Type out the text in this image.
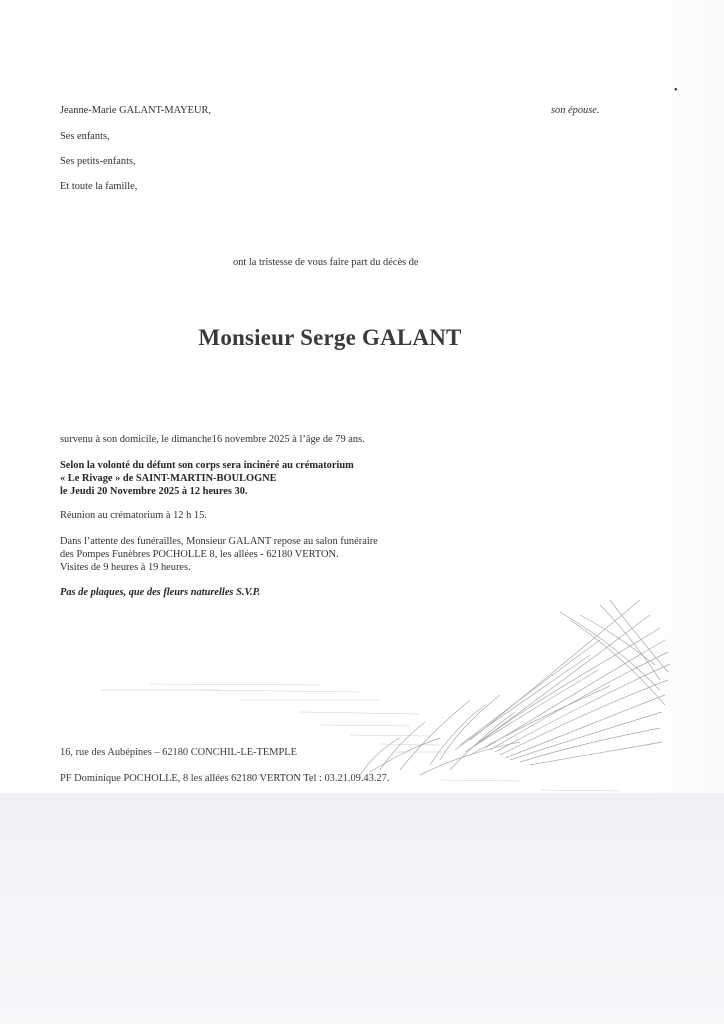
Jeanne-Marie GALANT-MAYEUR,	son épouse.
Ses enfants,
Ses petits-enfants,
Et toute la famille,
ont la tristesse de vous faire part du décès de
Monsieur Serge GALANT
survenu à son domicile, le dimanche16 novembre 2025 à l’âge de 79 ans.
Selon la volonté du défunt son corps sera incinéré au crématorium
« Le Rivage » de SAINT-MARTIN-BOULOGNE
le Jeudi 20 Novembre 2025 à 12 heures 30.
Réunion au crématorium à 12 h 15.
Dans l’attente des funérailles, Monsieur GALANT repose au salon funéraire
des Pompes Funèbres POCHOLLE 8, les allées - 62180 VERTON.
Visites de 9 heures à 19 heures.
Pas de plaques, que des fleurs naturelles S.V.P.
16, rue des Aubépines – 62180 CONCHIL-LE-TEMPLE
PF Dominique POCHOLLE, 8 les allées 62180 VERTON Tel : 03.21.09.43.27.
•
